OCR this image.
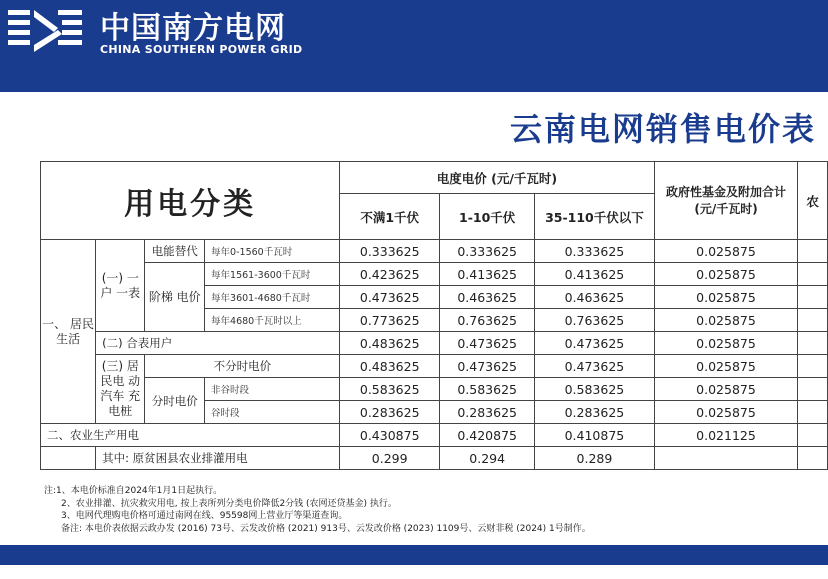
中国南方电网
CHINA SOUTHERN POWER GRID
云南电网销售电价表
用电分类				电度电价 (元/千瓦时)			政府性基金及附加合计 (元/千瓦时)	农
				不满1千伏	1-10千伏	35-110千伏以下		
一、 居民 生活	(一) 一户 一表	电能替代	每年0-1560千瓦时	0.333625	0.333625	0.333625	0.025875	
		阶梯 电价	每年1561-3600千瓦时	0.423625	0.413625	0.413625	0.025875	
			每年3601-4680千瓦时	0.473625	0.463625	0.463625	0.025875	
			每年4680千瓦时以上	0.773625	0.763625	0.763625	0.025875	
	(二) 合表用户			0.483625	0.473625	0.473625	0.025875	
	(三) 居民电 动汽车 充电桩	不分时电价		0.483625	0.473625	0.473625	0.025875	
		分时电价	非谷时段	0.583625	0.583625	0.583625	0.025875	
			谷时段	0.283625	0.283625	0.283625	0.025875	
二、农业生产用电				0.430875	0.420875	0.410875	0.021125	
	其中: 原贫困县农业排灌用电			0.299	0.294	0.289		
注:1、本电价标准自2024年1月1日起执行。
2、农业排灌、抗灾救灾用电, 按上表所列分类电价降低2分钱 (农网还贷基金) 执行。
3、电网代理购电价格可通过南网在线、95598网上营业厅等渠道查询。
备注: 本电价表依据云政办发 (2016) 73号、云发改价格 (2021) 913号、云发改价格 (2023) 1109号、云财非税 (2024) 1号制作。
